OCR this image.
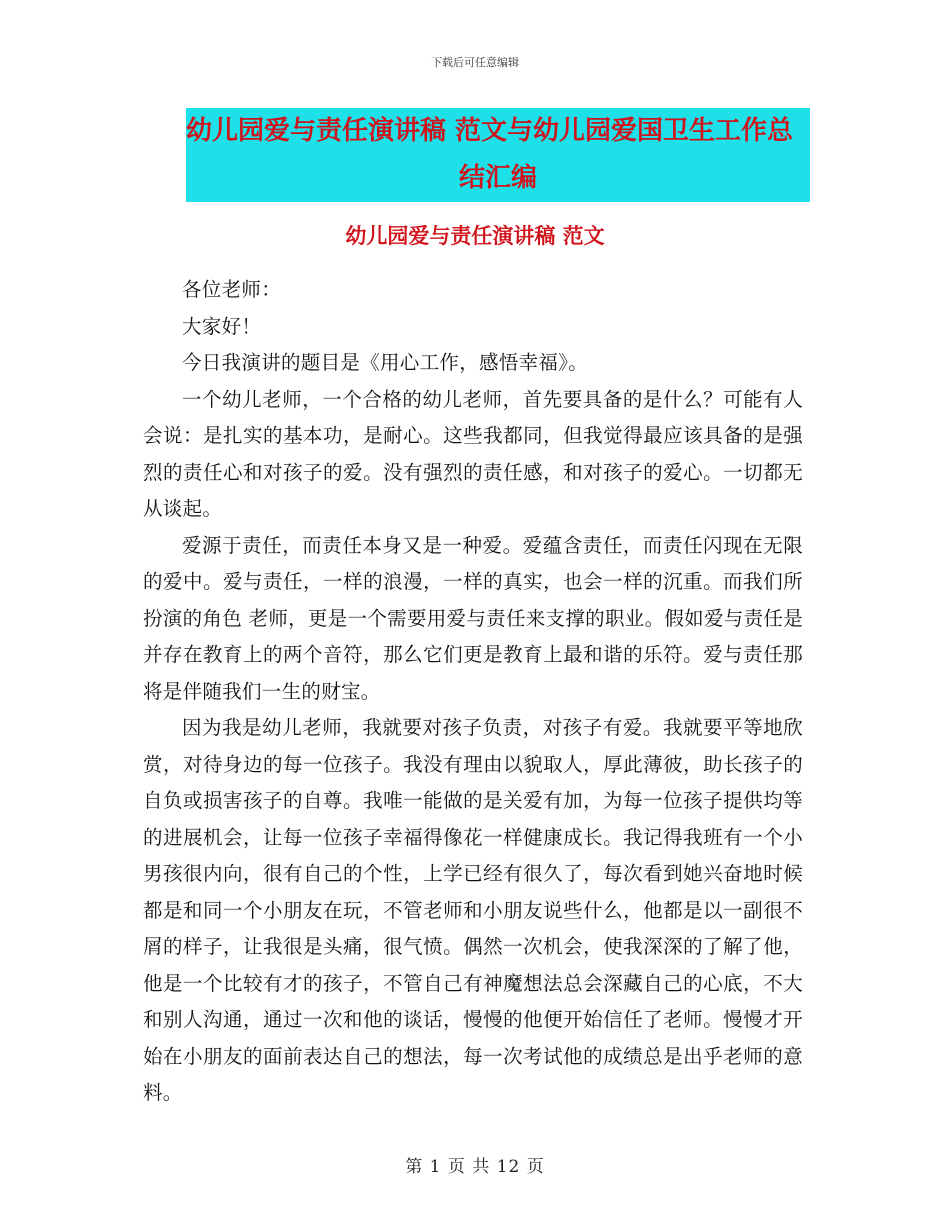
下载后可任意编辑
幼儿园爱与责任演讲稿 范文与幼儿园爱国卫生工作总
结汇编
幼儿园爱与责任演讲稿 范文

各位老师：

大家好！

今日我演讲的题目是《用心工作，感悟幸福》。

一个幼儿老师，一个合格的幼儿老师，首先要具备的是什么？可能有人会说：是扎实的基本功，是耐心。这些我都同，但我觉得最应该具备的是强烈的责任心和对孩子的爱。没有强烈的责任感，和对孩子的爱心。一切都无从谈起。

爱源于责任，而责任本身又是一种爱。爱蕴含责任，而责任闪现在无限的爱中。爱与责任，一样的浪漫，一样的真实，也会一样的沉重。而我们所扮演的角色 老师，更是一个需要用爱与责任来支撑的职业。假如爱与责任是并存在教育上的两个音符，那么它们更是教育上最和谐的乐符。爱与责任那将是伴随我们一生的财宝。

因为我是幼儿老师，我就要对孩子负责，对孩子有爱。我就要平等地欣赏，对待身边的每一位孩子。我没有理由以貌取人，厚此薄彼，助长孩子的自负或损害孩子的自尊。我唯一能做的是关爱有加，为每一位孩子提供均等的进展机会，让每一位孩子幸福得像花一样健康成长。我记得我班有一个小男孩很内向，很有自己的个性，上学已经有很久了，每次看到她兴奋地时候都是和同一个小朋友在玩，不管老师和小朋友说些什么，他都是以一副很不屑的样子，让我很是头痛，很气愤。偶然一次机会，使我深深的了解了他，他是一个比较有才的孩子，不管自己有神魔想法总会深藏自己的心底，不大和别人沟通，通过一次和他的谈话，慢慢的他便开始信任了老师。慢慢才开始在小朋友的面前表达自己的想法，每一次考试他的成绩总是出乎老师的意料。

第 1 页 共 12 页
